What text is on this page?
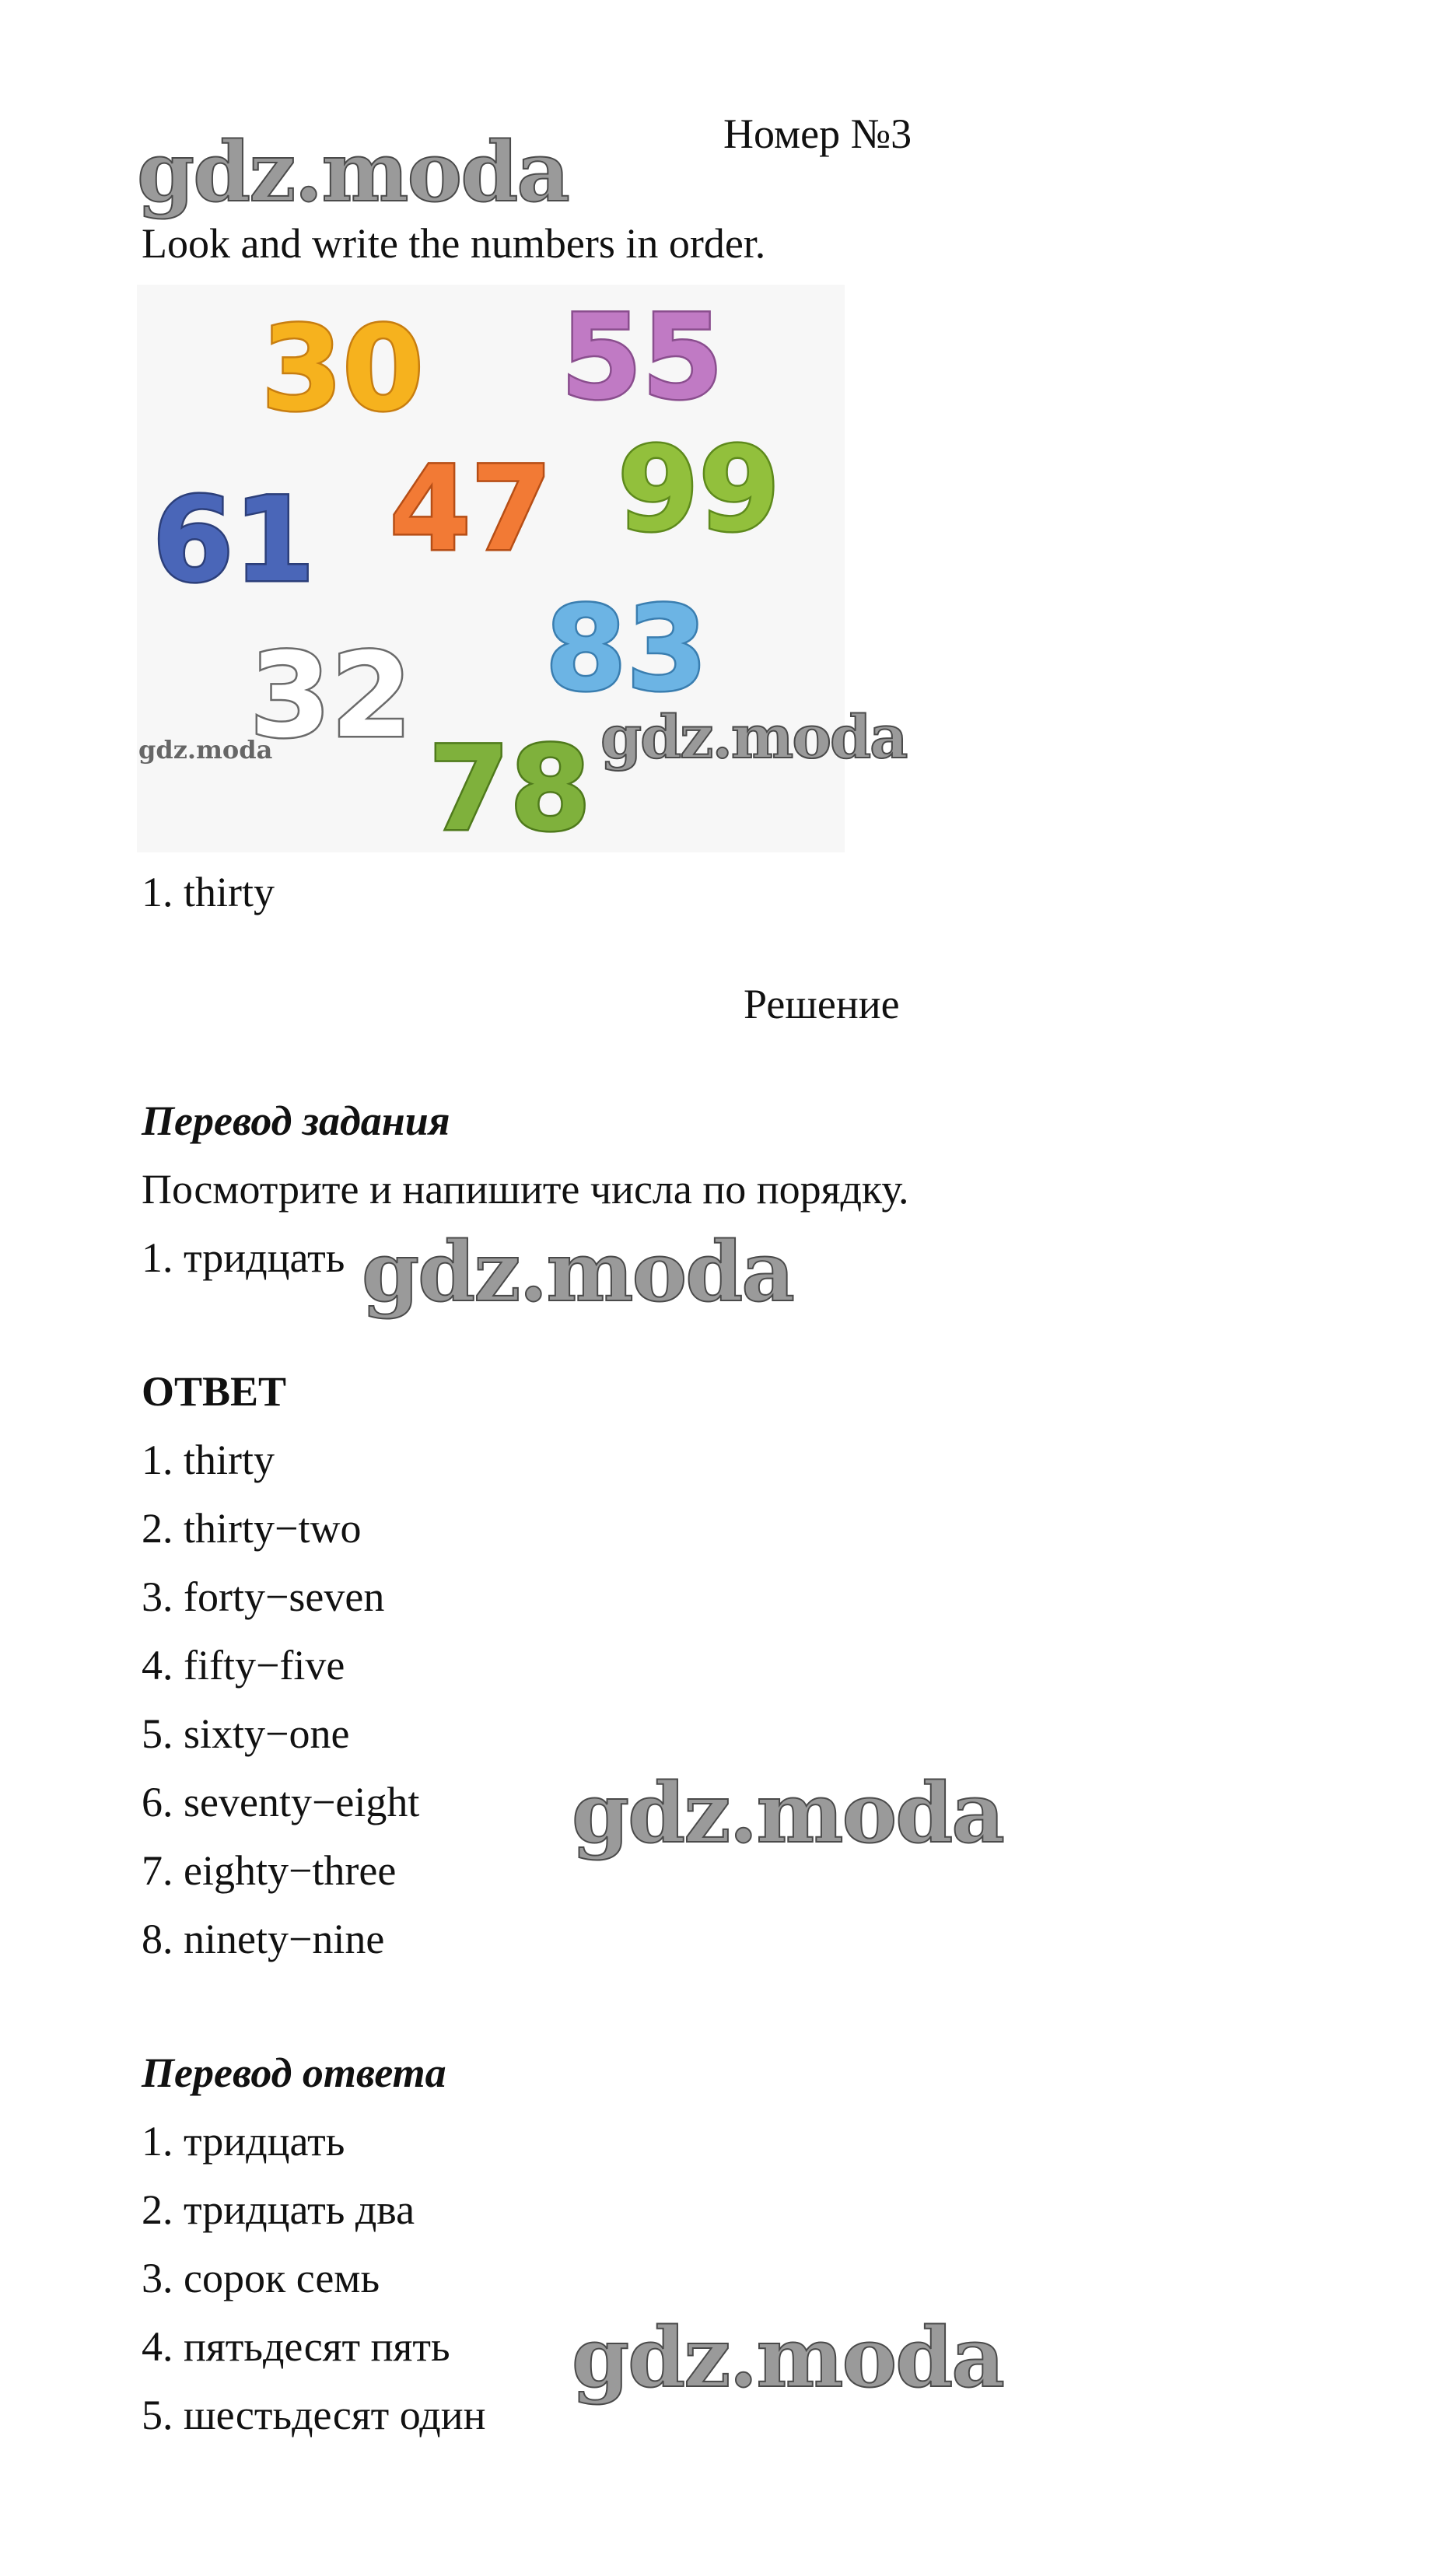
Номер №3
gdz.moda
Look and write the numbers in order.
30 55
61 47 99
83
32
78
gdz.moda	gdz.moda
1. thirty
Решение
Перевод задания
Посмотрите и напишите числа по порядку.
1. тридцать gdz.moda
ОТВЕТ
1. thirty
2. thirty−two
3. forty−seven
4. fifty−five
5. sixty−one
6. seventy−eight
7. eighty−three
8. ninety−nine
gdz.moda
Перевод ответа
1. тридцать
2. тридцать два
3. сорок семь
4. пятьдесят пять
5. шестьдесят один
gdz.moda
